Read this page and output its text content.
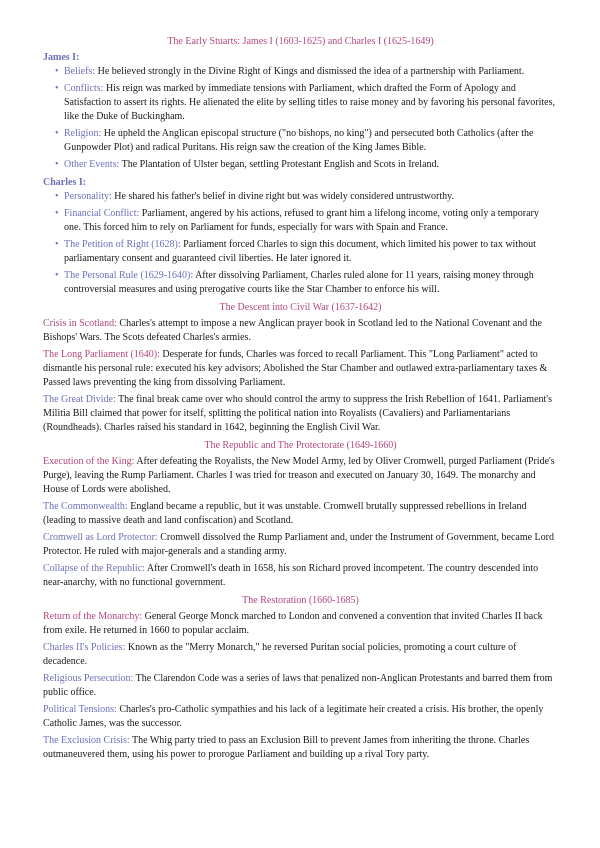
The Early Stuarts: James I (1603-1625) and Charles I (1625-1649)
James I:
• Beliefs: He believed strongly in the Divine Right of Kings and dismissed the idea of a partnership with Parliament.
• Conflicts: His reign was marked by immediate tensions with Parliament, which drafted the Form of Apology and Satisfaction to assert its rights. He alienated the elite by selling titles to raise money and by favoring his personal favorites, like the Duke of Buckingham.
• Religion: He upheld the Anglican episcopal structure ("no bishops, no king") and persecuted both Catholics (after the Gunpowder Plot) and radical Puritans. His reign saw the creation of the King James Bible.
• Other Events: The Plantation of Ulster began, settling Protestant English and Scots in Ireland.
Charles I:
• Personality: He shared his father's belief in divine right but was widely considered untrustworthy.
• Financial Conflict: Parliament, angered by his actions, refused to grant him a lifelong income, voting only a temporary one. This forced him to rely on Parliament for funds, especially for wars with Spain and France.
• The Petition of Right (1628): Parliament forced Charles to sign this document, which limited his power to tax without parliamentary consent and guaranteed civil liberties. He later ignored it.
• The Personal Rule (1629-1640): After dissolving Parliament, Charles ruled alone for 11 years, raising money through controversial measures and using prerogative courts like the Star Chamber to enforce his will.
The Descent into Civil War (1637-1642)

Crisis in Scotland: Charles's attempt to impose a new Anglican prayer book in Scotland led to the National Covenant and the Bishops' Wars. The Scots defeated Charles's armies.

The Long Parliament (1640): Desperate for funds, Charles was forced to recall Parliament. This "Long Parliament" acted to dismantle his personal rule: executed his key advisors; Abolished the Star Chamber and outlawed extra-parliamentary taxes & Passed laws preventing the king from dissolving Parliament.

The Great Divide: The final break came over who should control the army to suppress the Irish Rebellion of 1641. Parliament's Militia Bill claimed that power for itself, splitting the political nation into Royalists (Cavaliers) and Parliamentarians (Roundheads). Charles raised his standard in 1642, beginning the English Civil War.

The Republic and The Protectorate (1649-1660)

Execution of the King: After defeating the Royalists, the New Model Army, led by Oliver Cromwell, purged Parliament (Pride's Purge), leaving the Rump Parliament. Charles I was tried for treason and executed on January 30, 1649. The monarchy and House of Lords were abolished.

The Commonwealth: England became a republic, but it was unstable. Cromwell brutally suppressed rebellions in Ireland (leading to massive death and land confiscation) and Scotland.

Cromwell as Lord Protector: Cromwell dissolved the Rump Parliament and, under the Instrument of Government, became Lord Protector. He ruled with major-generals and a standing army.

Collapse of the Republic: After Cromwell's death in 1658, his son Richard proved incompetent. The country descended into near-anarchy, with no functional government.

The Restoration (1660-1685)

Return of the Monarchy: General George Monck marched to London and convened a convention that invited Charles II back from exile. He returned in 1660 to popular acclaim.

Charles II's Policies: Known as the "Merry Monarch," he reversed Puritan social policies, promoting a court culture of decadence.

Religious Persecution: The Clarendon Code was a series of laws that penalized non-Anglican Protestants and barred them from public office.

Political Tensions: Charles's pro-Catholic sympathies and his lack of a legitimate heir created a crisis. His brother, the openly Catholic James, was the successor.

The Exclusion Crisis: The Whig party tried to pass an Exclusion Bill to prevent James from inheriting the throne. Charles outmaneuvered them, using his power to prorogue Parliament and building up a rival Tory party.
